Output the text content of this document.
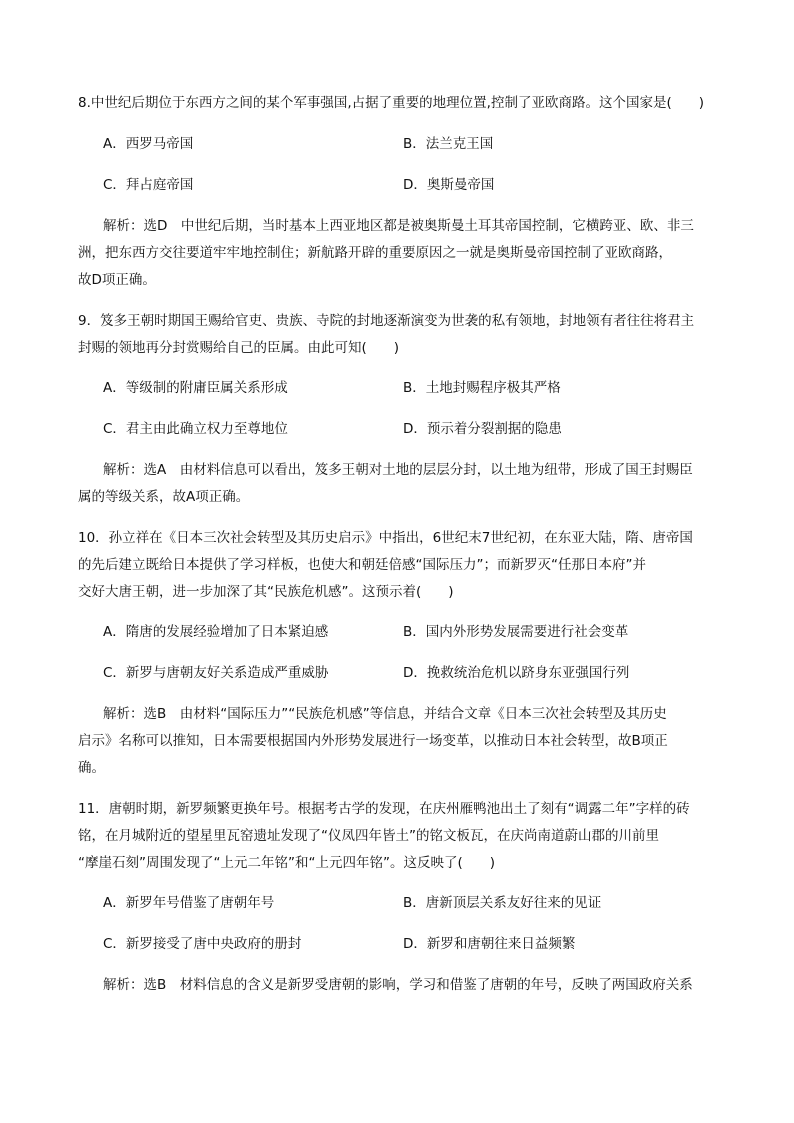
8.中世纪后期位于东西方之间的某个军事强国,占据了重要的地理位置,控制了亚欧商路。这个国家是(　　)
A．西罗马帝国	B．法兰克王国
C．拜占庭帝国	D．奥斯曼帝国
解析：选D　中世纪后期，当时基本上西亚地区都是被奥斯曼土耳其帝国控制，它横跨亚、欧、非三
洲，把东西方交往要道牢牢地控制住；新航路开辟的重要原因之一就是奥斯曼帝国控制了亚欧商路，
故D项正确。
9．笈多王朝时期国王赐给官吏、贵族、寺院的封地逐渐演变为世袭的私有领地，封地领有者往往将君主
封赐的领地再分封赏赐给自己的臣属。由此可知(　　)
A．等级制的附庸臣属关系形成	B．土地封赐程序极其严格
C．君主由此确立权力至尊地位	D．预示着分裂割据的隐患
解析：选A　由材料信息可以看出，笈多王朝对土地的层层分封，以土地为纽带，形成了国王封赐臣
属的等级关系，故A项正确。
10．孙立祥在《日本三次社会转型及其历史启示》中指出，6世纪末7世纪初，在东亚大陆，隋、唐帝国
的先后建立既给日本提供了学习样板，也使大和朝廷倍感“国际压力”；而新罗灭“任那日本府”并
交好大唐王朝，进一步加深了其“民族危机感”。这预示着(　　)
A．隋唐的发展经验增加了日本紧迫感	B．国内外形势发展需要进行社会变革
C．新罗与唐朝友好关系造成严重威胁	D．挽救统治危机以跻身东亚强国行列
解析：选B　由材料“国际压力”“民族危机感”等信息，并结合文章《日本三次社会转型及其历史
启示》名称可以推知，日本需要根据国内外形势发展进行一场变革，以推动日本社会转型，故B项正
确。
11．唐朝时期，新罗频繁更换年号。根据考古学的发现，在庆州雁鸭池出土了刻有“调露二年”字样的砖
铭，在月城附近的望星里瓦窑遗址发现了“仪凤四年皆土”的铭文板瓦，在庆尚南道蔚山郡的川前里
“摩崖石刻”周围发现了“上元二年铭”和“上元四年铭”。这反映了(　　)
A．新罗年号借鉴了唐朝年号	B．唐新顶层关系友好往来的见证
C．新罗接受了唐中央政府的册封	D．新罗和唐朝往来日益频繁
解析：选B　材料信息的含义是新罗受唐朝的影响，学习和借鉴了唐朝的年号，反映了两国政府关系
